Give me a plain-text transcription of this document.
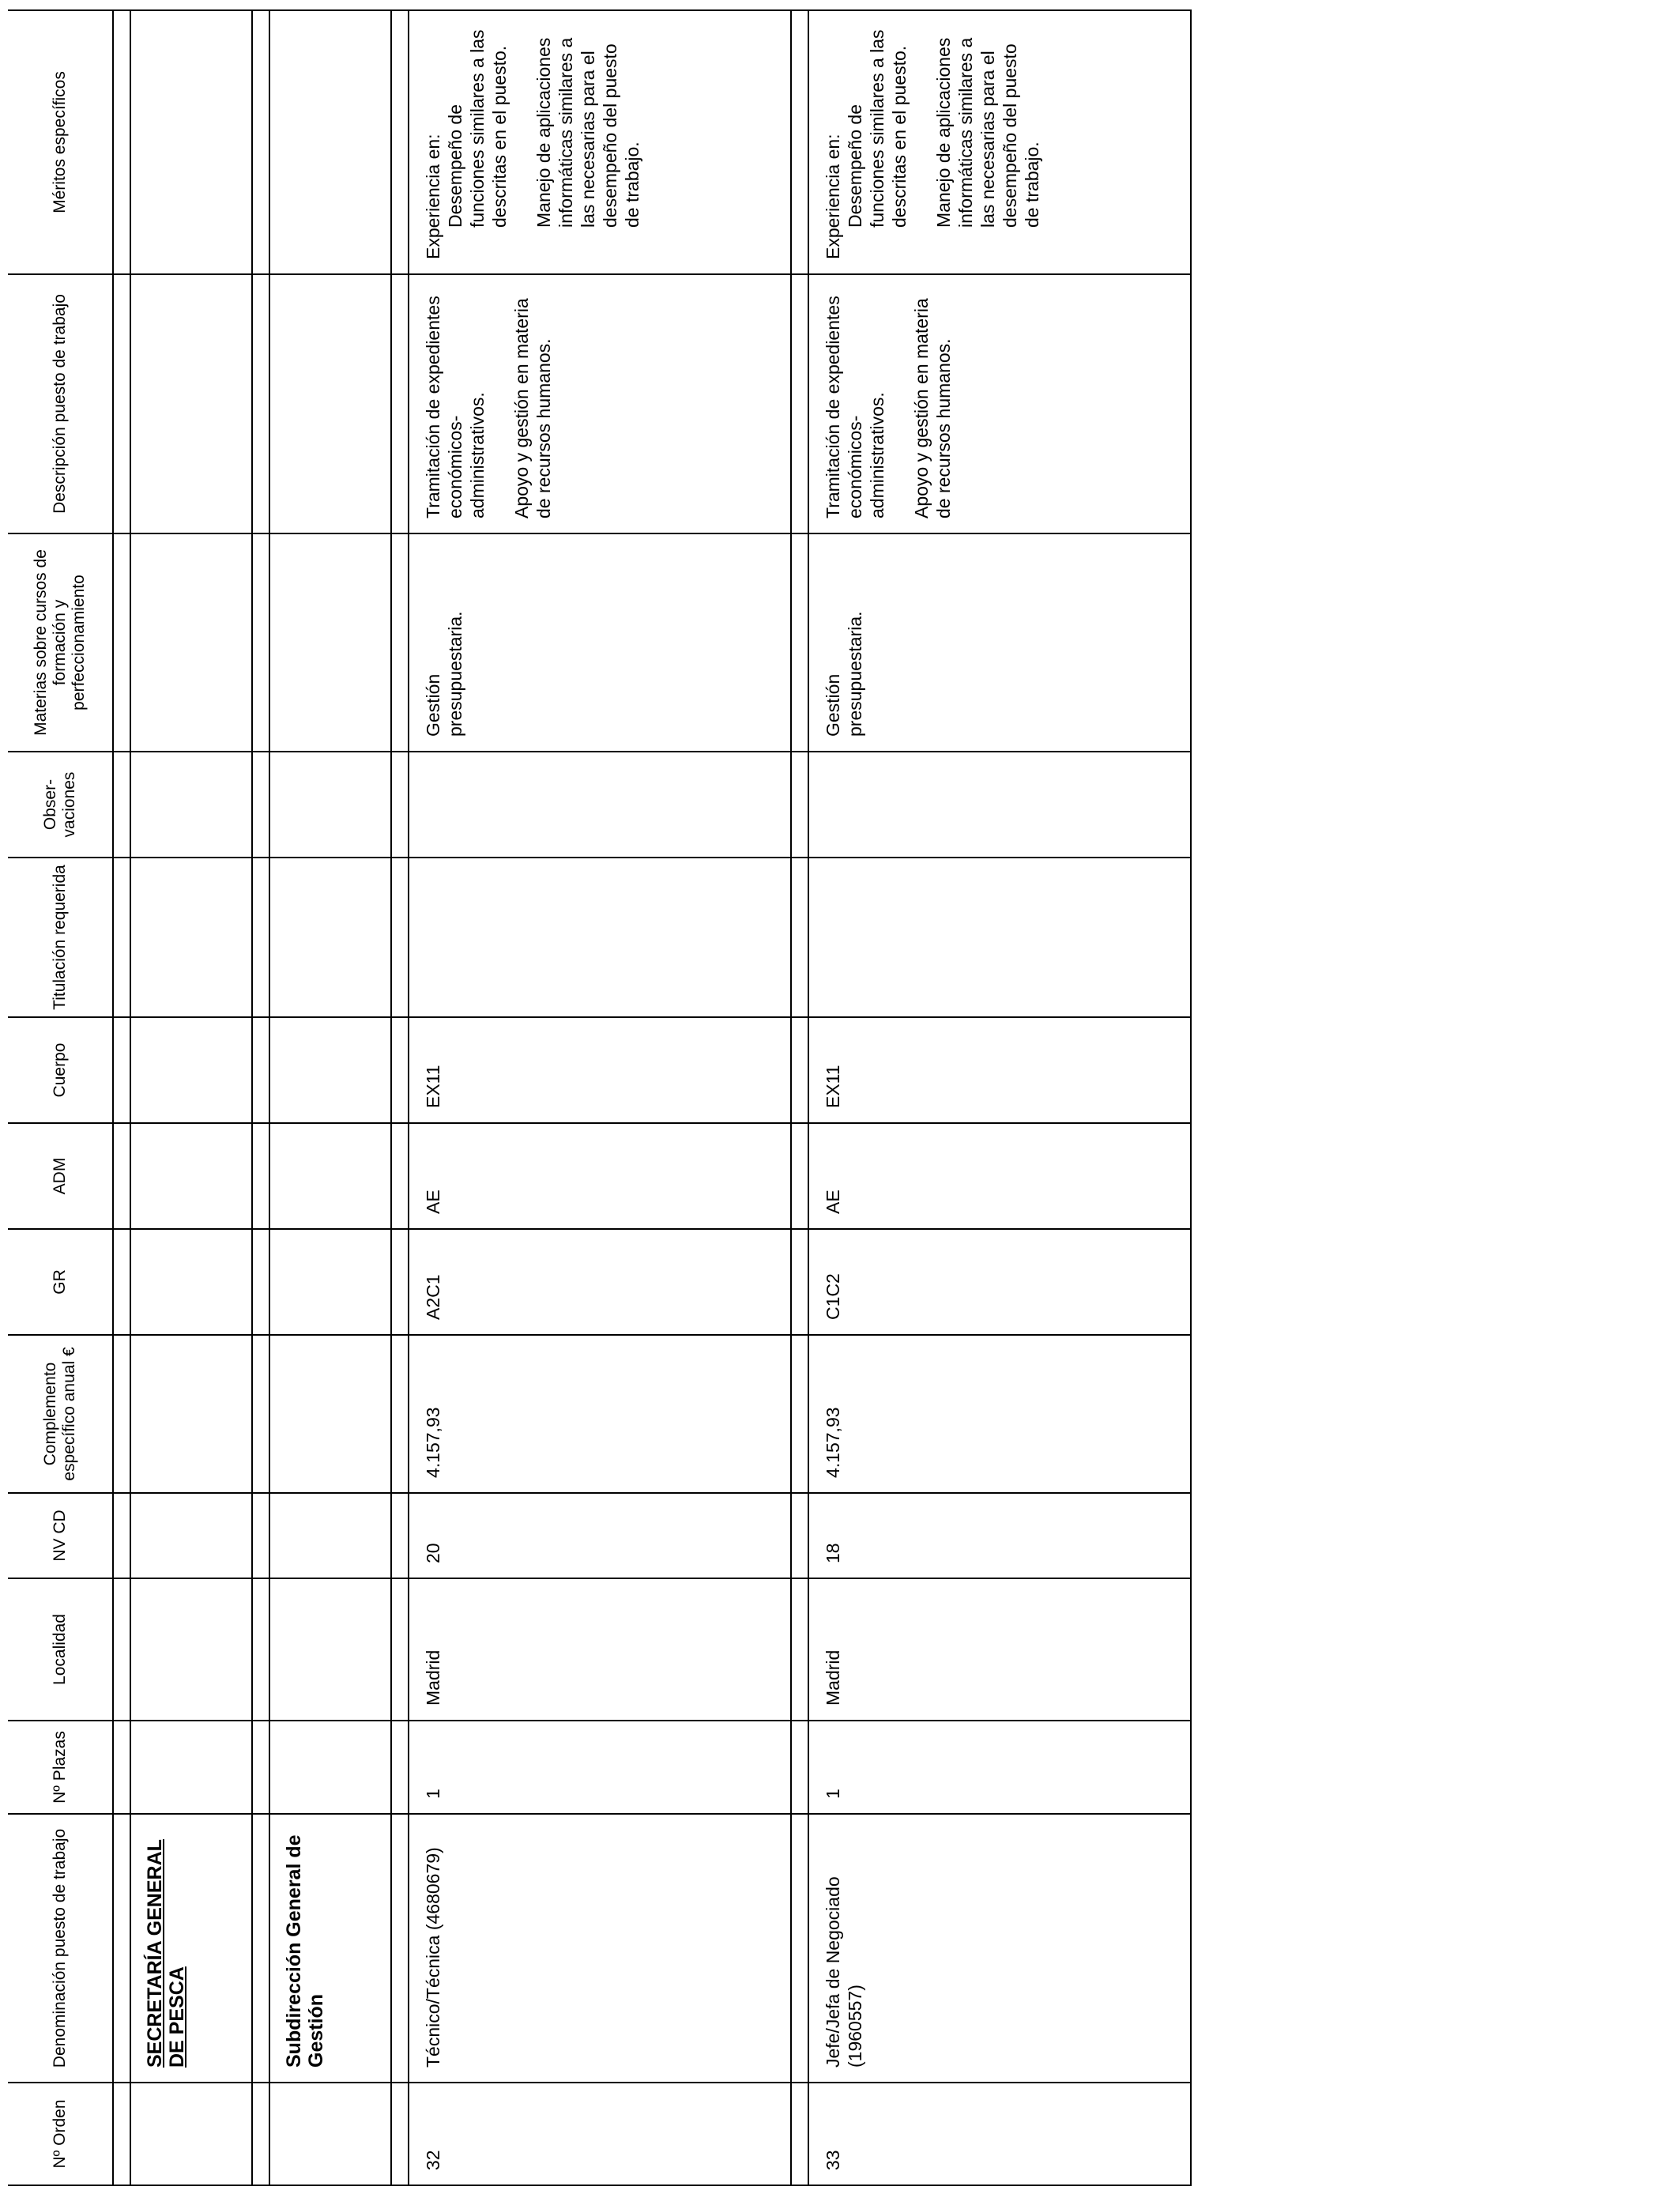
Nº Orden	Denominación puesto de trabajo	Nº Plazas	Localidad	NV CD	Complemento específico anual €	GR	ADM	Cuerpo	Titulación requerida	Obser-vaciones	Materias sobre cursos de formación y perfeccionamiento	Descripción puesto de trabajo	Méritos específicos

	SECRETARÍA GENERAL DE PESCA												

	Subdirección General de Gestión												

32	Técnico/Técnica (4680679)	1	Madrid	20	4.157,93	A2C1	AE	EX11			Gestión presupuestaria.	Tramitación de expedientes económicos-administrativos. Apoyo y gestión en materia de recursos humanos.	Experiencia en: Desempeño de funciones similares a las descritas en el puesto. Manejo de aplicaciones informáticas similares a las necesarias para el desempeño del puesto de trabajo.

33	Jefe/Jefa de Negociado (1960557)	1	Madrid	18	4.157,93	C1C2	AE	EX11			Gestión presupuestaria.	Tramitación de expedientes económicos-administrativos. Apoyo y gestión en materia de recursos humanos.	Experiencia en: Desempeño de funciones similares a las descritas en el puesto. Manejo de aplicaciones informáticas similares a las necesarias para el desempeño del puesto de trabajo.
